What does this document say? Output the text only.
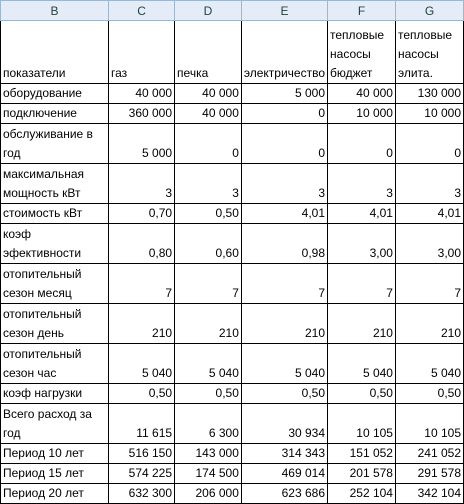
B	C	D	E	F	G
показатели	газ	печка	электричество	тепловые насосы бюджет	тепловые насосы элита.
оборудование	40 000	40 000	5 000	40 000	130 000
подключение	360 000	40 000	0	10 000	10 000
обслуживание в год	5 000	0	0	0	0
максимальная мощность кВт	3	3	3	3	3
стоимость кВт	0,70	0,50	4,01	4,01	4,01
коэф эфективности	0,80	0,60	0,98	3,00	3,00
отопительный сезон месяц	7	7	7	7	7
отопительный сезон день	210	210	210	210	210
отопительный сезон час	5 040	5 040	5 040	5 040	5 040
коэф нагрузки	0,50	0,50	0,50	0,50	0,50
Всего расход за год	11 615	6 300	30 934	10 105	10 105
Период 10 лет	516 150	143 000	314 343	151 052	241 052
Период 15 лет	574 225	174 500	469 014	201 578	291 578
Период 20 лет	632 300	206 000	623 686	252 104	342 104
